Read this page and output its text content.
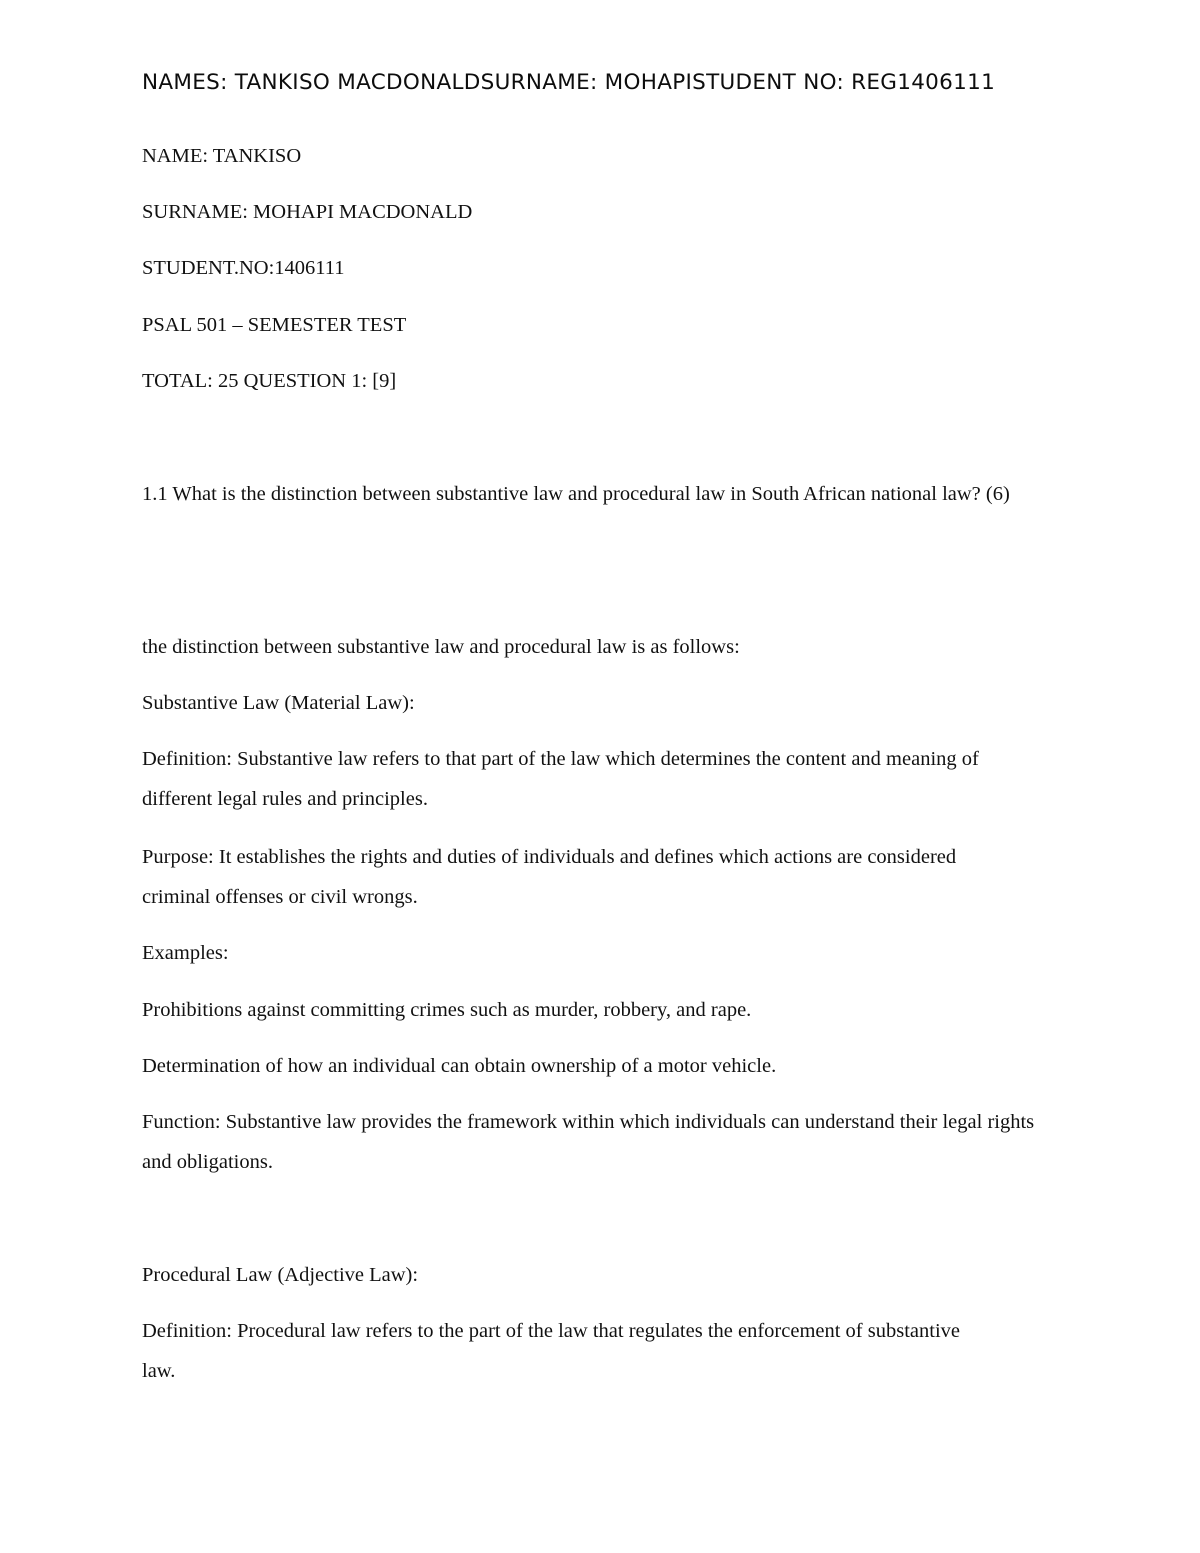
NAMES: TANKISO MACDONALDSURNAME: MOHAPISTUDENT NO: REG1406111
NAME: TANKISO
SURNAME: MOHAPI MACDONALD
STUDENT.NO:1406111
PSAL 501 – SEMESTER TEST
TOTAL: 25 QUESTION 1: [9]
1.1 What is the distinction between substantive law and procedural law in South African national law? (6)
the distinction between substantive law and procedural law is as follows:
Substantive Law (Material Law):
Definition: Substantive law refers to that part of the law which determines the content and meaning of different legal rules and principles.
Purpose: It establishes the rights and duties of individuals and defines which actions are considered criminal offenses or civil wrongs.
Examples:
Prohibitions against committing crimes such as murder, robbery, and rape.
Determination of how an individual can obtain ownership of a motor vehicle.
Function: Substantive law provides the framework within which individuals can understand their legal rights and obligations.
Procedural Law (Adjective Law):
Definition: Procedural law refers to the part of the law that regulates the enforcement of substantive law.
